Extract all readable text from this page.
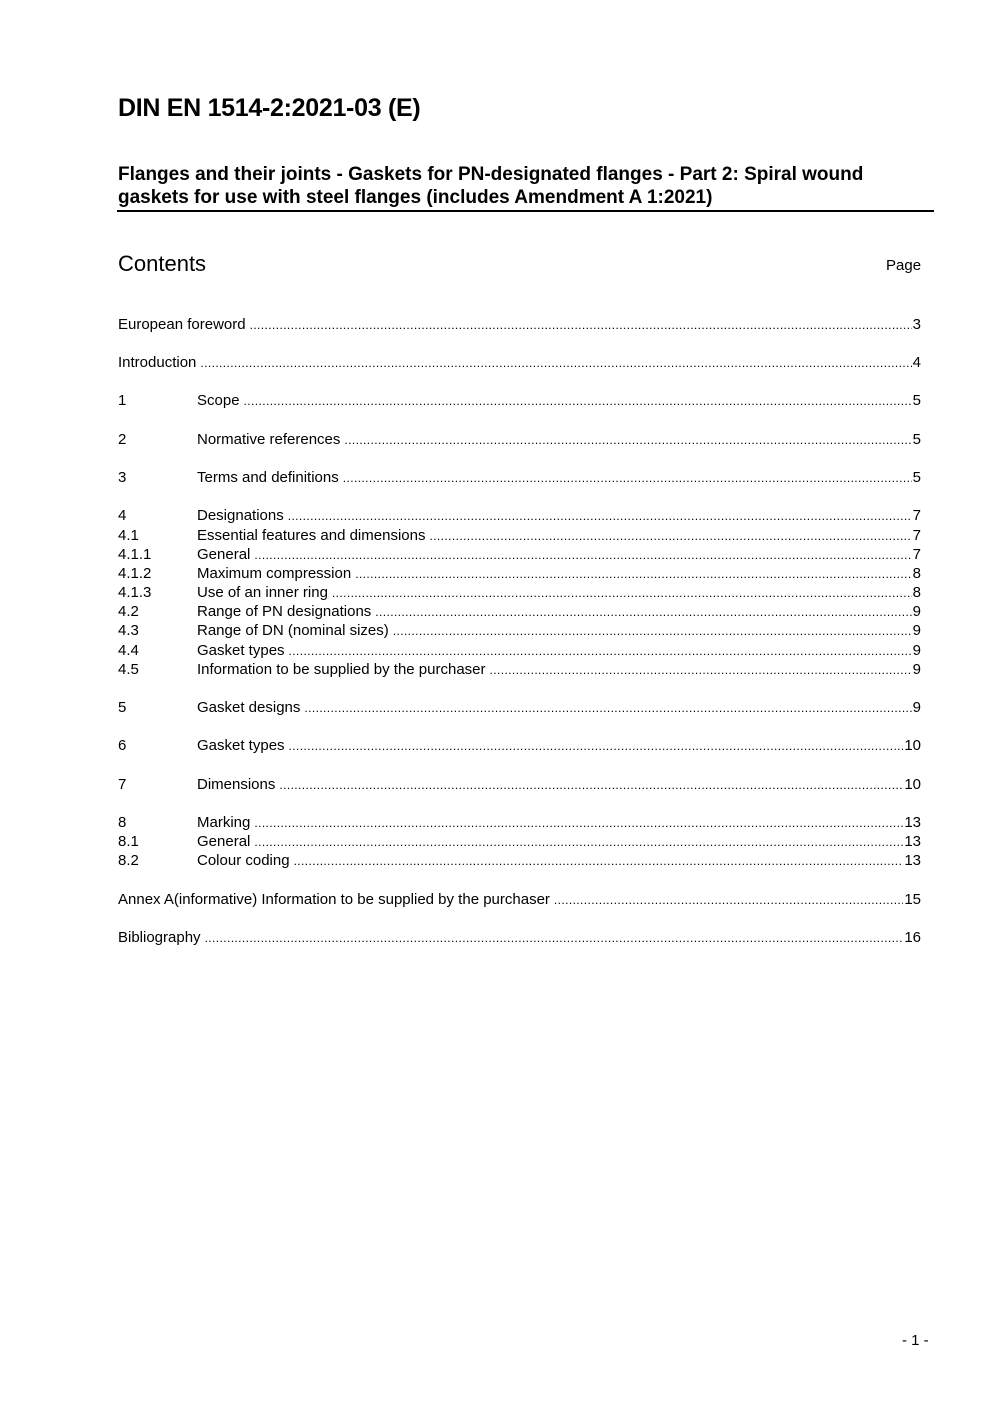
DIN EN 1514-2:2021-03 (E)
Flanges and their joints - Gaskets for PN-designated flanges - Part 2: Spiral wound gaskets for use with steel flanges (includes Amendment A 1:2021)
Contents	Page
European foreword .....	3
Introduction .....	4
1	Scope .....	5
2	Normative references .....	5
3	Terms and definitions .....	5
4	Designations .....	7
4.1	Essential features and dimensions .....	7
4.1.1	General .....	7
4.1.2	Maximum compression .....	8
4.1.3	Use of an inner ring .....	8
4.2	Range of PN designations .....	9
4.3	Range of DN (nominal sizes) .....	9
4.4	Gasket types .....	9
4.5	Information to be supplied by the purchaser .....	9
5	Gasket designs .....	9
6	Gasket types .....	10
7	Dimensions .....	10
8	Marking .....	13
8.1	General .....	13
8.2	Colour coding .....	13
Annex A(informative) Information to be supplied by the purchaser .....	15
Bibliography .....	16
- 1 -
